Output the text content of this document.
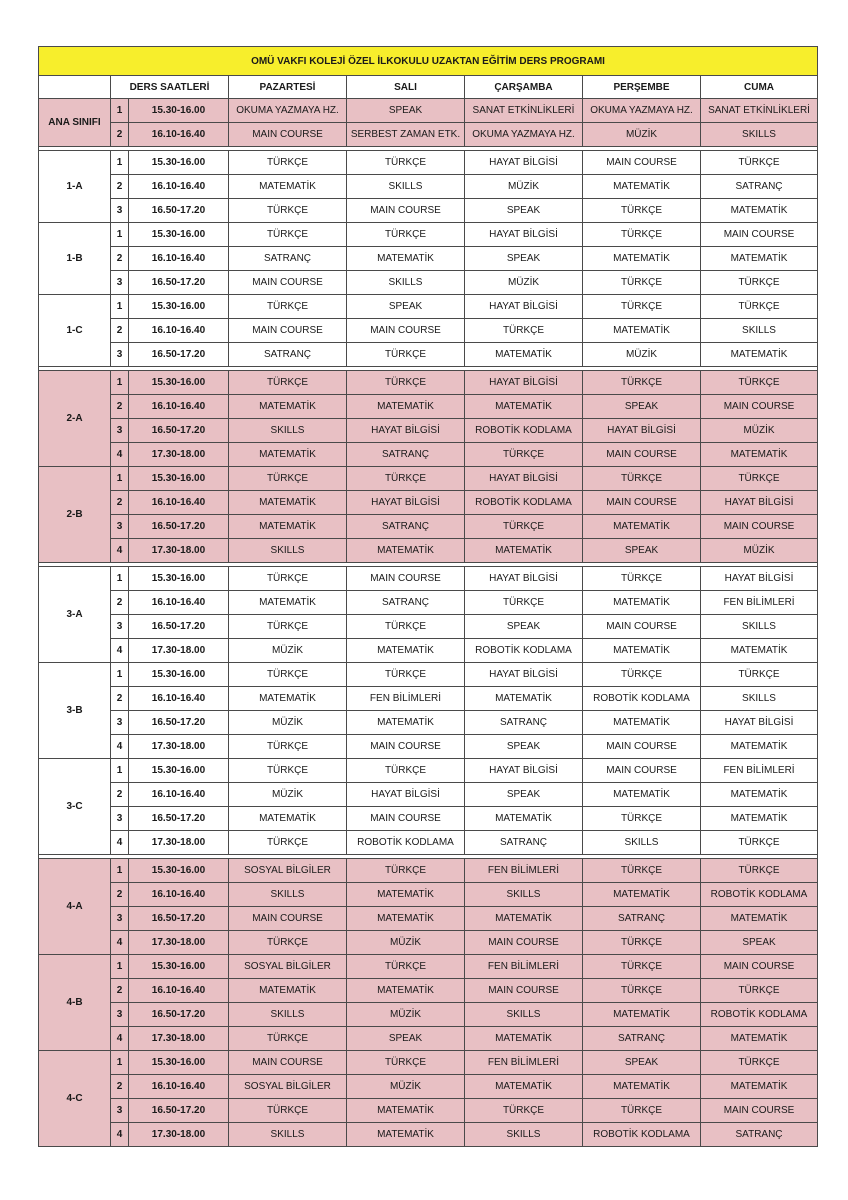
OMÜ VAKFI KOLEJİ ÖZEL İLKOKULU UZAKTAN EĞİTİM DERS PROGRAMI							
	DERS SAATLERİ		PAZARTESİ	SALI	ÇARŞAMBA	PERŞEMBE	CUMA
ANA SINIFI	1	15.30-16.00	OKUMA YAZMAYA HZ.	SPEAK	SANAT ETKİNLİKLERİ	OKUMA YAZMAYA HZ.	SANAT ETKİNLİKLERİ
	2	16.10-16.40	MAIN COURSE	SERBEST ZAMAN ETK.	OKUMA YAZMAYA HZ.	MÜZİK	SKILLS

1-A	1	15.30-16.00	TÜRKÇE	TÜRKÇE	HAYAT BİLGİSİ	MAIN COURSE	TÜRKÇE
	2	16.10-16.40	MATEMATİK	SKILLS	MÜZİK	MATEMATİK	SATRANÇ
	3	16.50-17.20	TÜRKÇE	MAIN COURSE	SPEAK	TÜRKÇE	MATEMATİK
1-B	1	15.30-16.00	TÜRKÇE	TÜRKÇE	HAYAT BİLGİSİ	TÜRKÇE	MAIN COURSE
	2	16.10-16.40	SATRANÇ	MATEMATİK	SPEAK	MATEMATİK	MATEMATİK
	3	16.50-17.20	MAIN COURSE	SKILLS	MÜZİK	TÜRKÇE	TÜRKÇE
1-C	1	15.30-16.00	TÜRKÇE	SPEAK	HAYAT BİLGİSİ	TÜRKÇE	TÜRKÇE
	2	16.10-16.40	MAIN COURSE	MAIN COURSE	TÜRKÇE	MATEMATİK	SKILLS
	3	16.50-17.20	SATRANÇ	TÜRKÇE	MATEMATİK	MÜZİK	MATEMATİK

2-A	1	15.30-16.00	TÜRKÇE	TÜRKÇE	HAYAT BİLGİSİ	TÜRKÇE	TÜRKÇE
	2	16.10-16.40	MATEMATİK	MATEMATİK	MATEMATİK	SPEAK	MAIN COURSE
	3	16.50-17.20	SKILLS	HAYAT BİLGİSİ	ROBOTİK KODLAMA	HAYAT BİLGİSİ	MÜZİK
	4	17.30-18.00	MATEMATİK	SATRANÇ	TÜRKÇE	MAIN COURSE	MATEMATİK
2-B	1	15.30-16.00	TÜRKÇE	TÜRKÇE	HAYAT BİLGİSİ	TÜRKÇE	TÜRKÇE
	2	16.10-16.40	MATEMATİK	HAYAT BİLGİSİ	ROBOTİK KODLAMA	MAIN COURSE	HAYAT BİLGİSİ
	3	16.50-17.20	MATEMATİK	SATRANÇ	TÜRKÇE	MATEMATİK	MAIN COURSE
	4	17.30-18.00	SKILLS	MATEMATİK	MATEMATİK	SPEAK	MÜZİK

3-A	1	15.30-16.00	TÜRKÇE	MAIN COURSE	HAYAT BİLGİSİ	TÜRKÇE	HAYAT BİLGİSİ
	2	16.10-16.40	MATEMATİK	SATRANÇ	TÜRKÇE	MATEMATİK	FEN BİLİMLERİ
	3	16.50-17.20	TÜRKÇE	TÜRKÇE	SPEAK	MAIN COURSE	SKILLS
	4	17.30-18.00	MÜZİK	MATEMATİK	ROBOTİK KODLAMA	MATEMATİK	MATEMATİK
3-B	1	15.30-16.00	TÜRKÇE	TÜRKÇE	HAYAT BİLGİSİ	TÜRKÇE	TÜRKÇE
	2	16.10-16.40	MATEMATİK	FEN BİLİMLERİ	MATEMATİK	ROBOTİK KODLAMA	SKILLS
	3	16.50-17.20	MÜZİK	MATEMATİK	SATRANÇ	MATEMATİK	HAYAT BİLGİSİ
	4	17.30-18.00	TÜRKÇE	MAIN COURSE	SPEAK	MAIN COURSE	MATEMATİK
3-C	1	15.30-16.00	TÜRKÇE	TÜRKÇE	HAYAT BİLGİSİ	MAIN COURSE	FEN BİLİMLERİ
	2	16.10-16.40	MÜZİK	HAYAT BİLGİSİ	SPEAK	MATEMATİK	MATEMATİK
	3	16.50-17.20	MATEMATİK	MAIN COURSE	MATEMATİK	TÜRKÇE	MATEMATİK
	4	17.30-18.00	TÜRKÇE	ROBOTİK KODLAMA	SATRANÇ	SKILLS	TÜRKÇE

4-A	1	15.30-16.00	SOSYAL BİLGİLER	TÜRKÇE	FEN BİLİMLERİ	TÜRKÇE	TÜRKÇE
	2	16.10-16.40	SKILLS	MATEMATİK	SKILLS	MATEMATİK	ROBOTİK KODLAMA
	3	16.50-17.20	MAIN COURSE	MATEMATİK	MATEMATİK	SATRANÇ	MATEMATİK
	4	17.30-18.00	TÜRKÇE	MÜZİK	MAIN COURSE	TÜRKÇE	SPEAK
4-B	1	15.30-16.00	SOSYAL BİLGİLER	TÜRKÇE	FEN BİLİMLERİ	TÜRKÇE	MAIN COURSE
	2	16.10-16.40	MATEMATİK	MATEMATİK	MAIN COURSE	TÜRKÇE	TÜRKÇE
	3	16.50-17.20	SKILLS	MÜZİK	SKILLS	MATEMATİK	ROBOTİK KODLAMA
	4	17.30-18.00	TÜRKÇE	SPEAK	MATEMATİK	SATRANÇ	MATEMATİK
4-C	1	15.30-16.00	MAIN COURSE	TÜRKÇE	FEN BİLİMLERİ	SPEAK	TÜRKÇE
	2	16.10-16.40	SOSYAL BİLGİLER	MÜZİK	MATEMATİK	MATEMATİK	MATEMATİK
	3	16.50-17.20	TÜRKÇE	MATEMATİK	TÜRKÇE	TÜRKÇE	MAIN COURSE
	4	17.30-18.00	SKILLS	MATEMATİK	SKILLS	ROBOTİK KODLAMA	SATRANÇ
